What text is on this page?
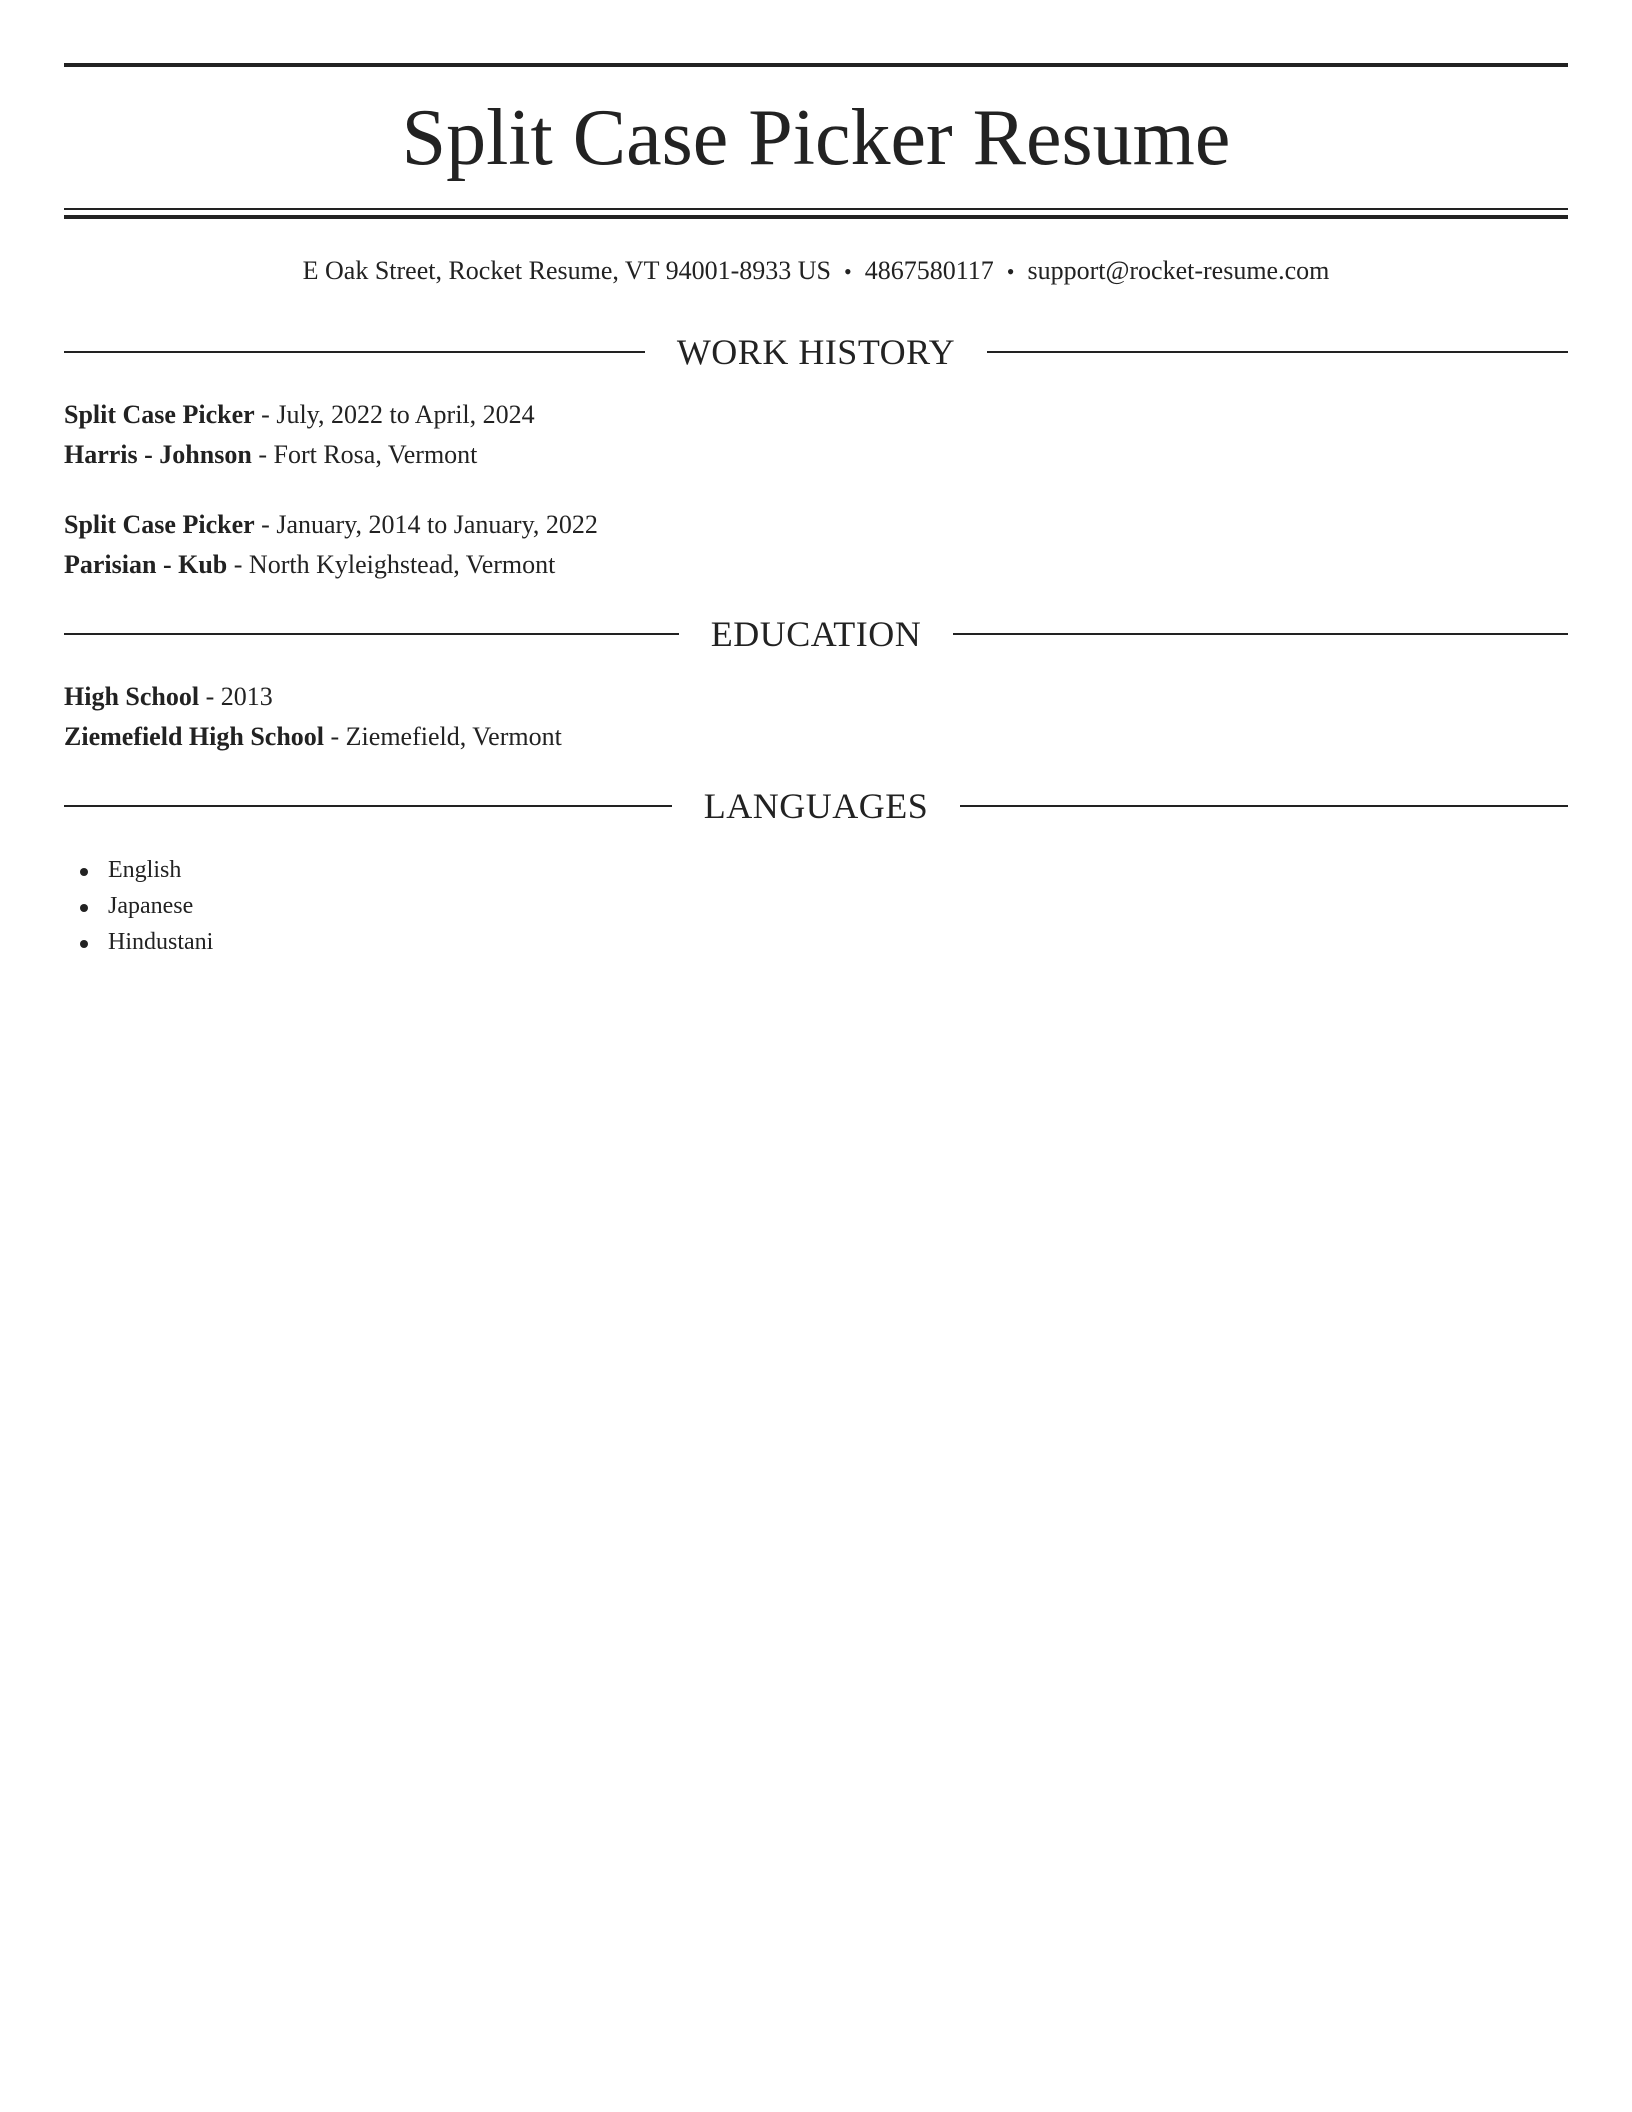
Split Case Picker Resume
E Oak Street, Rocket Resume, VT 94001-8933 US • 4867580117 • support@rocket-resume.com
WORK HISTORY
Split Case Picker - July, 2022 to April, 2024
Harris - Johnson - Fort Rosa, Vermont
Split Case Picker - January, 2014 to January, 2022
Parisian - Kub - North Kyleighstead, Vermont
EDUCATION
High School - 2013
Ziemefield High School - Ziemefield, Vermont
LANGUAGES
English
Japanese
Hindustani
